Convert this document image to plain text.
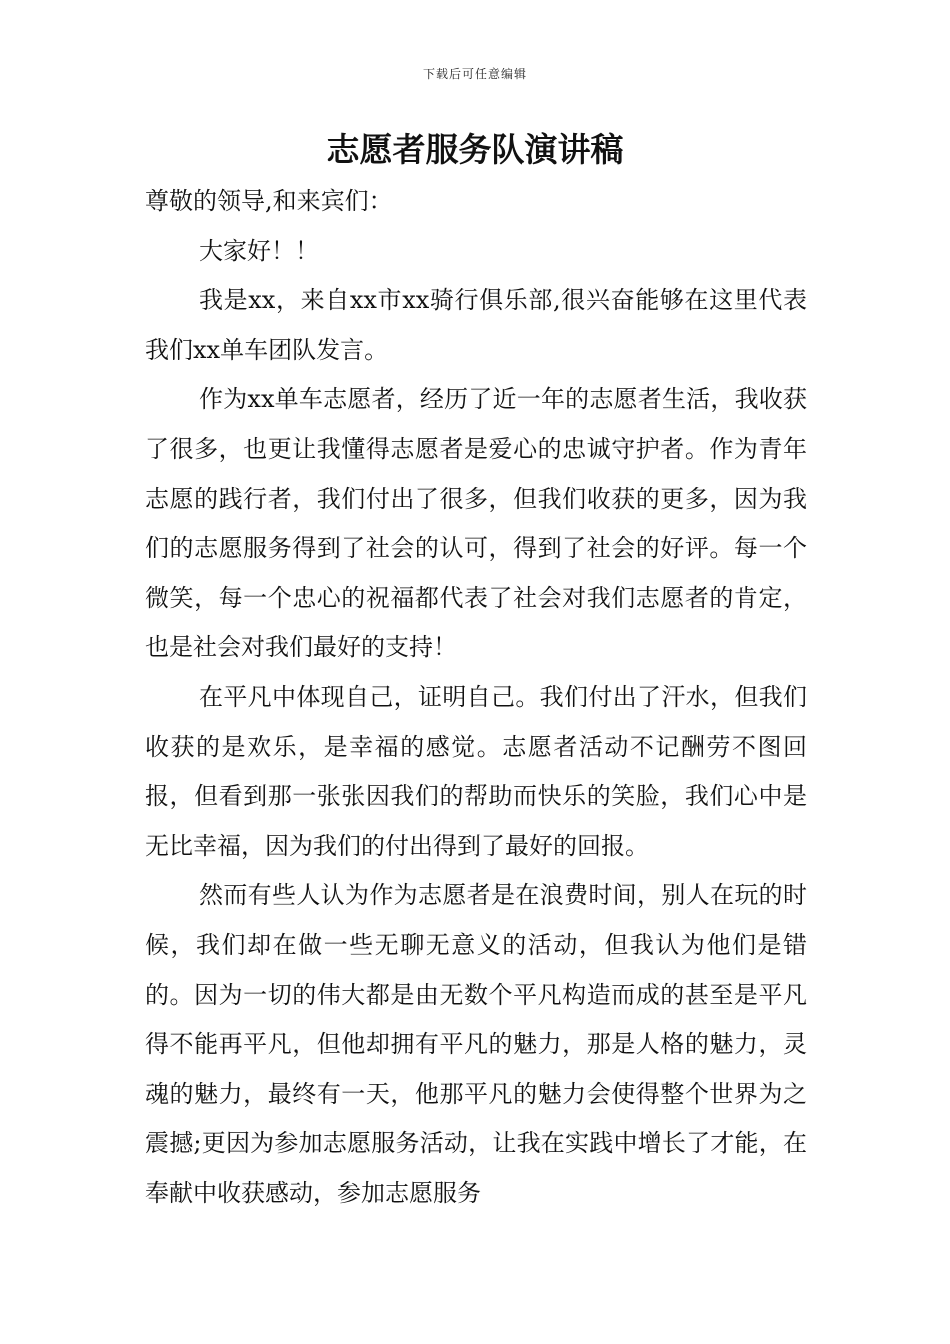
下载后可任意编辑
志愿者服务队演讲稿

尊敬的领导,和来宾们：

大家好！！

我是xx，来自xx市xx骑行俱乐部,很兴奋能够在这里代表我们xx单车团队发言。

作为xx单车志愿者，经历了近一年的志愿者生活，我收获了很多，也更让我懂得志愿者是爱心的忠诚守护者。作为青年志愿的践行者，我们付出了很多，但我们收获的更多，因为我们的志愿服务得到了社会的认可，得到了社会的好评。每一个微笑，每一个忠心的祝福都代表了社会对我们志愿者的肯定，也是社会对我们最好的支持！

在平凡中体现自己，证明自己。我们付出了汗水，但我们收获的是欢乐，是幸福的感觉。志愿者活动不记酬劳不图回报，但看到那一张张因我们的帮助而快乐的笑脸，我们心中是无比幸福，因为我们的付出得到了最好的回报。

然而有些人认为作为志愿者是在浪费时间，别人在玩的时候，我们却在做一些无聊无意义的活动，但我认为他们是错的。因为一切的伟大都是由无数个平凡构造而成的甚至是平凡得不能再平凡，但他却拥有平凡的魅力，那是人格的魅力，灵魂的魅力，最终有一天，他那平凡的魅力会使得整个世界为之震撼;更因为参加志愿服务活动，让我在实践中增长了才能，在奉献中收获感动，参加志愿服务
